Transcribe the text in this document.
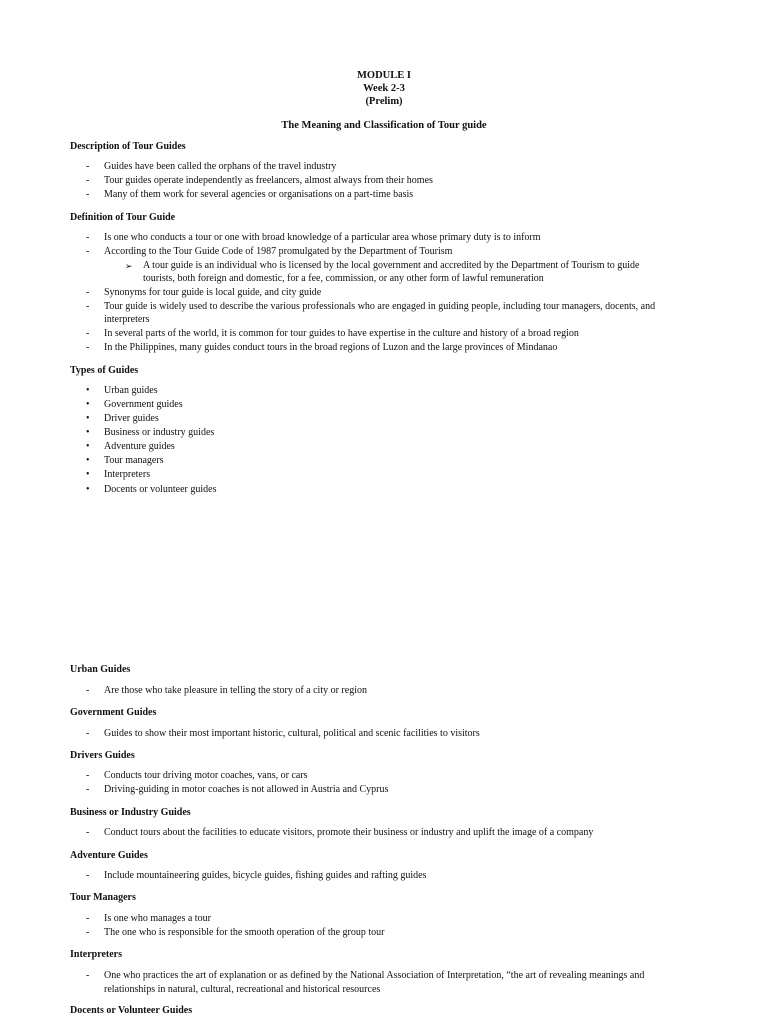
MODULE I
Week 2-3
(Prelim)
The Meaning and Classification of Tour guide
Description of Tour Guides
- Guides have been called the orphans of the travel industry
- Tour guides operate independently as freelancers, almost always from their homes
- Many of them work for several agencies or organisations on a part-time basis
Definition of Tour Guide
- Is one who conducts a tour or one with broad knowledge of a particular area whose primary duty is to inform
- According to the Tour Guide Code of 1987 promulgated by the Department of Tourism
➢ A tour guide is an individual who is licensed by the local government and accredited by the Department of Tourism to guide
tourists, both foreign and domestic, for a fee, commission, or any other form of lawful remuneration
- Synonyms for tour guide is local guide, and city guide
- Tour guide is widely used to describe the various professionals who are engaged in guiding people, including tour managers, docents, and
interpreters
- In several parts of the world, it is common for tour guides to have expertise in the culture and history of a broad region
- In the Philippines, many guides conduct tours in the broad regions of Luzon and the large provinces of Mindanao
Types of Guides
• Urban guides
• Government guides
• Driver guides
• Business or industry guides
• Adventure guides
• Tour managers
• Interpreters
• Docents or volunteer guides
Urban Guides
- Are those who take pleasure in telling the story of a city or region
Government Guides
- Guides to show their most important historic, cultural, political and scenic facilities to visitors
Drivers Guides
- Conducts tour driving motor coaches, vans, or cars
- Driving-guiding in motor coaches is not allowed in Austria and Cyprus
Business or Industry Guides
- Conduct tours about the facilities to educate visitors, promote their business or industry and uplift the image of a company
Adventure Guides
- Include mountaineering guides, bicycle guides, fishing guides and rafting guides
Tour Managers
- Is one who manages a tour
- The one who is responsible for the smooth operation of the group tour
Interpreters
- One who practices the art of explanation or as defined by the National Association of Interpretation, “the art of revealing meanings and
relationships in natural, cultural, recreational and historical resources
Docents or Volunteer Guides
